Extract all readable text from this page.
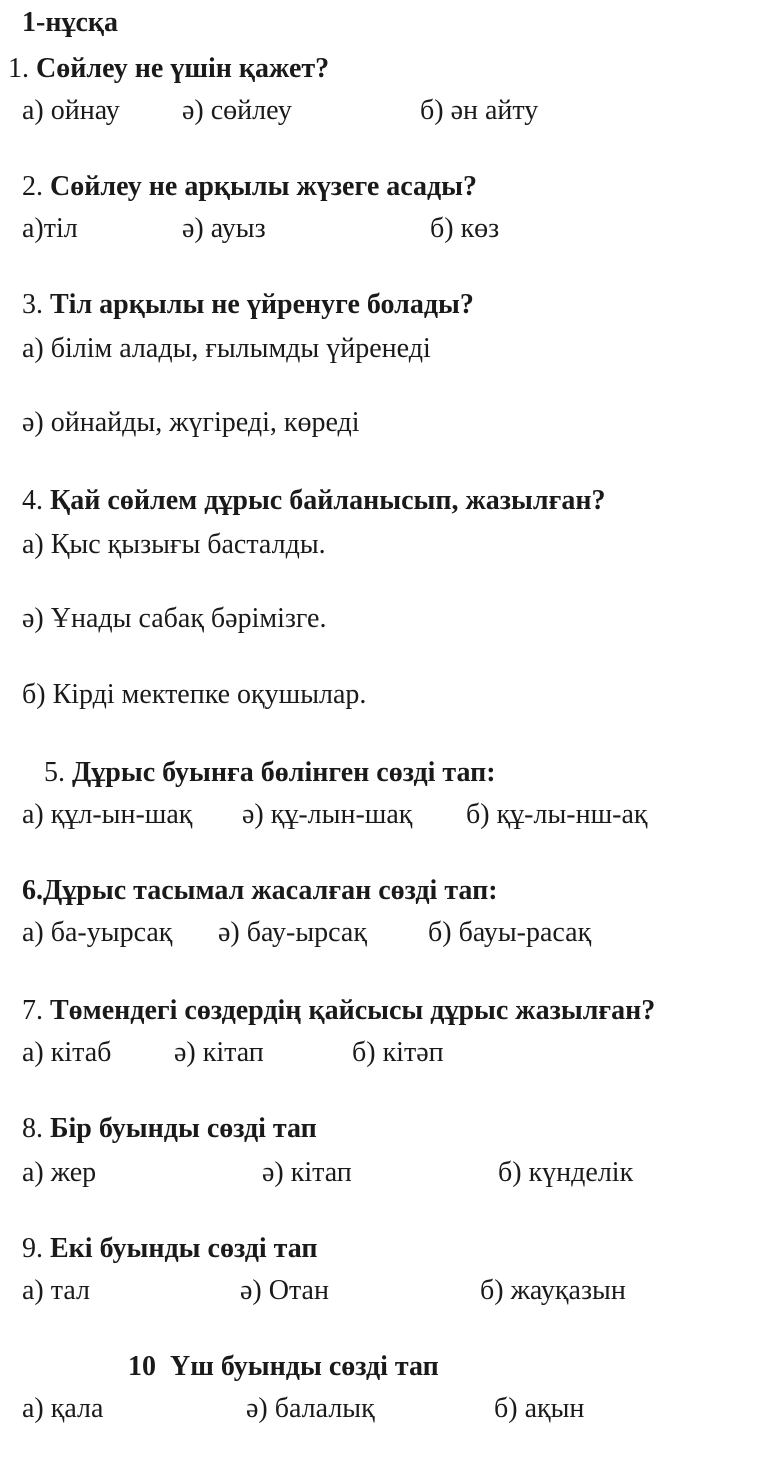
1-нұсқа
1. Сөйлеу не үшін қажет?
а) ойнау ә) сөйлеу	б) ән айту
2. Сөйлеу не арқылы жүзеге асады?
а)тіл	ә) ауыз	б) көз
3. Тіл арқылы не үйренуге болады?
а) білім алады, ғылымды үйренеді
ә) ойнайды, жүгіреді, көреді
4. Қай сөйлем дұрыс байланысып, жазылған?
а) Қыс қызығы басталды.
ә) Ұнады сабақ бәрімізге.
б) Кірді мектепке оқушылар.
5. Дұрыс буынға бөлінген сөзді тап:
а) құл-ын-шақ ә) құ-лын-шақ б) құ-лы-нш-ақ
6.Дұрыс тасымал жасалған сөзді тап:
а) ба-уырсақ ә) бау-ырсақ б) бауы-расақ
7. Төмендегі сөздердің қайсысы дұрыс жазылған?
а) кітаб ә) кітап	б) кітәп
8. Бір буынды сөзді тап
а) жер	ә) кітап	б) күнделік
9. Екі буынды сөзді тап
а) тал	ә) Отан	б) жауқазын
10 Үш буынды сөзді тап
а) қала	ә) балалық	б) ақын
